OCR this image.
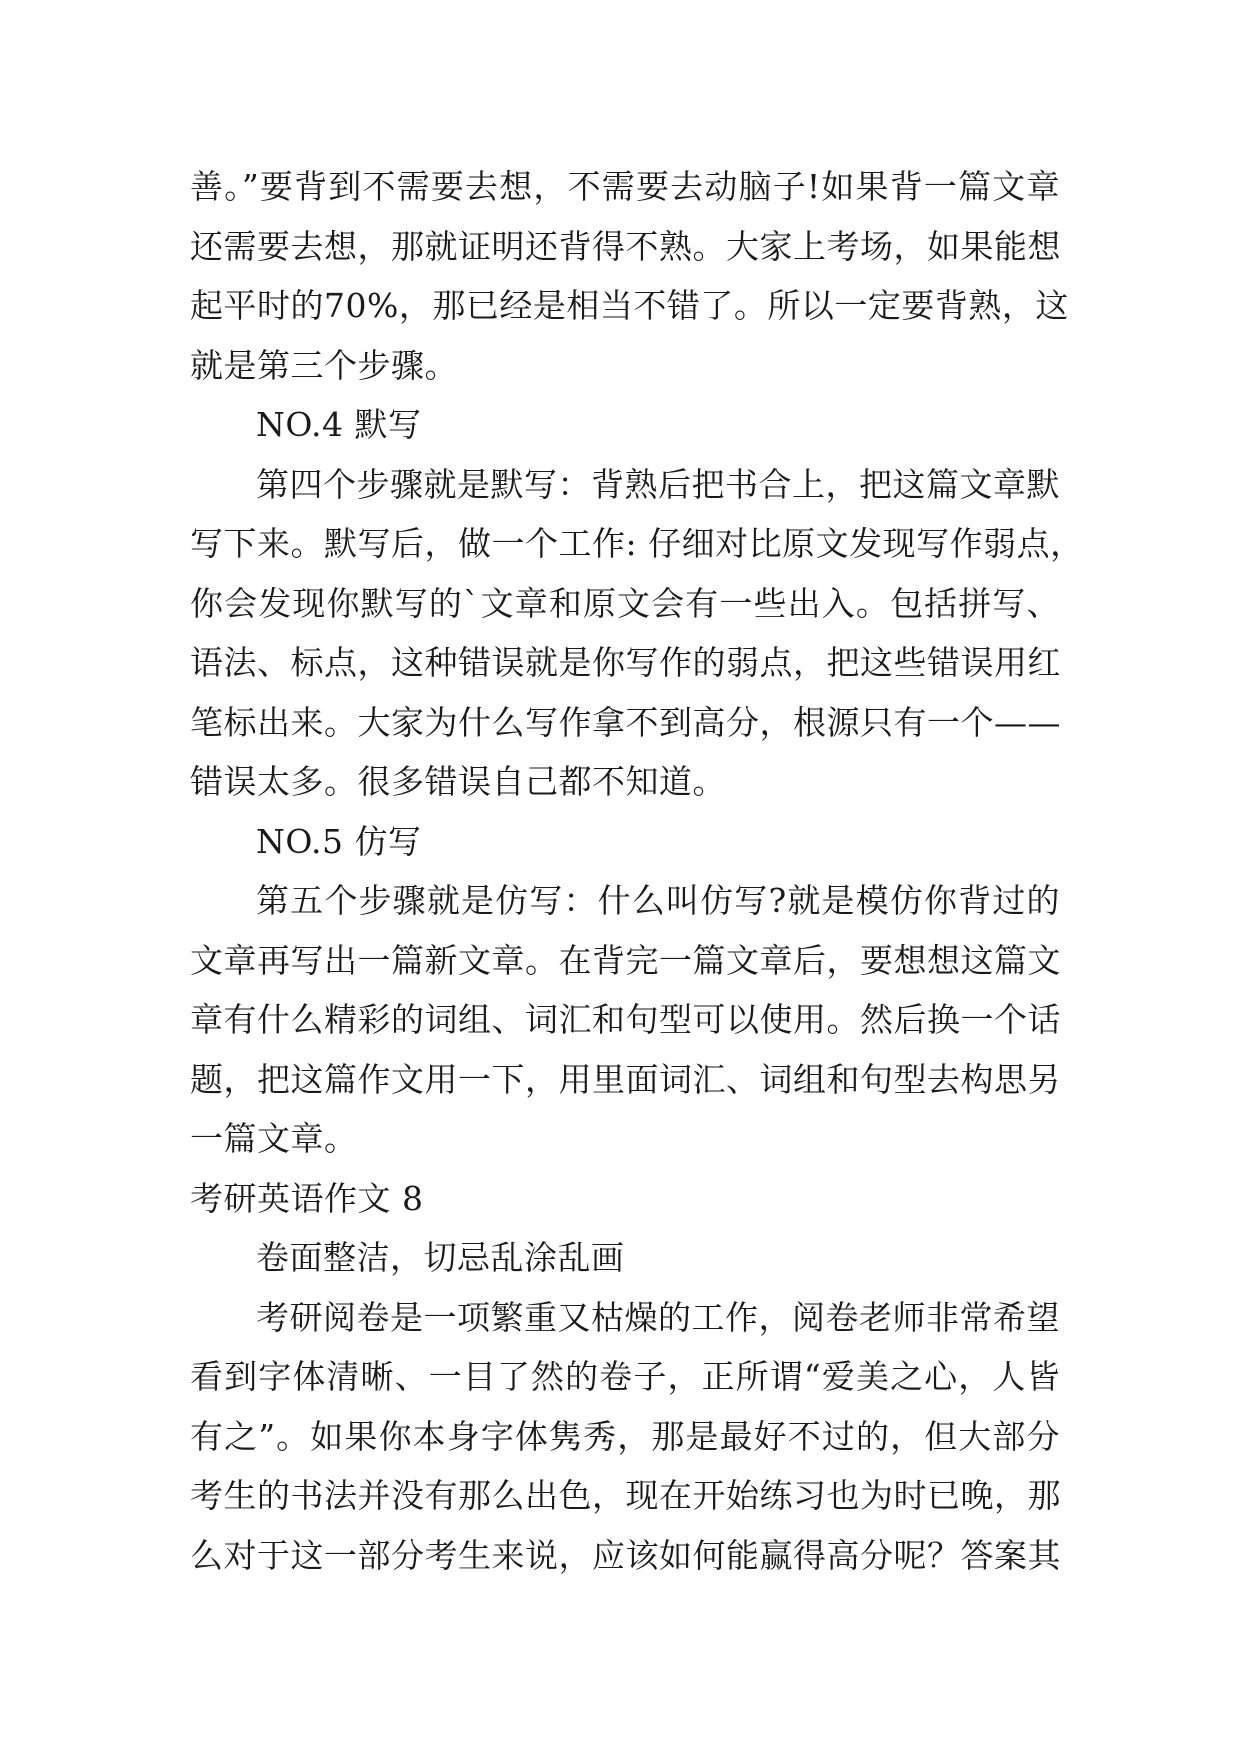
善。”要背到不需要去想，不需要去动脑子!如果背一篇文章
还需要去想，那就证明还背得不熟。大家上考场，如果能想
起平时的70%，那已经是相当不错了。所以一定要背熟，这
就是第三个步骤。
NO.4 默写
第四个步骤就是默写：背熟后把书合上，把这篇文章默
写下来。默写后，做一个工作: 仔细对比原文发现写作弱点，
你会发现你默写的`文章和原文会有一些出入。包括拼写、
语法、标点，这种错误就是你写作的弱点，把这些错误用红
笔标出来。大家为什么写作拿不到高分，根源只有一个——
错误太多。很多错误自己都不知道。
NO.5 仿写
第五个步骤就是仿写：什么叫仿写?就是模仿你背过的
文章再写出一篇新文章。在背完一篇文章后，要想想这篇文
章有什么精彩的词组、词汇和句型可以使用。然后换一个话
题，把这篇作文用一下，用里面词汇、词组和句型去构思另
一篇文章。
考研英语作文 8
卷面整洁，切忌乱涂乱画
考研阅卷是一项繁重又枯燥的工作，阅卷老师非常希望
看到字体清晰、一目了然的卷子，正所谓“爱美之心，人皆
有之”。如果你本身字体隽秀，那是最好不过的，但大部分
考生的书法并没有那么出色，现在开始练习也为时已晚，那
么对于这一部分考生来说，应该如何能赢得高分呢？答案其
